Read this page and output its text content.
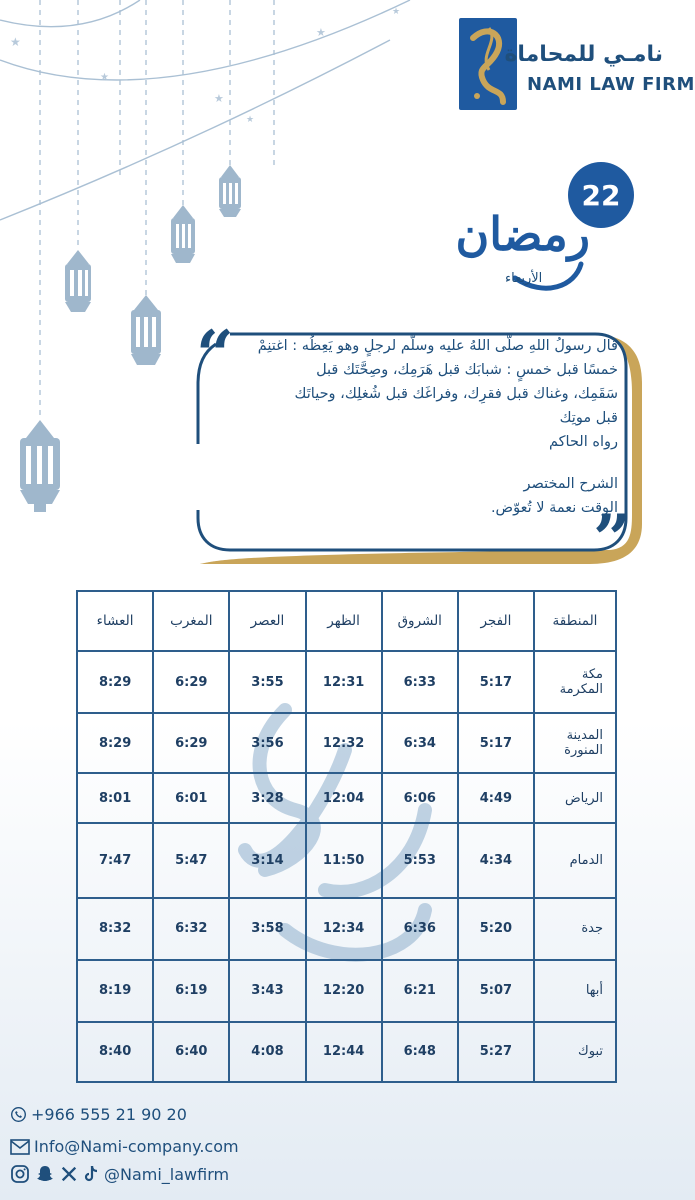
★
★
★
★
★
★
نامـي للمحاماة
NAMI LAW FIRM
22
رمضان
الأربعاء
“
”

قال رسولُ اللهِ صلَّى اللهُ عليه وسلَّم لرجلٍ وهو يَعِظُه : اغتنِمْ

خمسًا قبل خمسٍ : شبابَك قبل هَرَمِك، وصِحَّتَك قبل

سَقَمِك، وغناك قبل فقرِك، وفراغَك قبل شُغلِك، وحياتَك

قبل موتِك

رواه الحاكم

الشرح المختصر

الوقت نعمة لا تُعوّض.

المنطقة	الفجر	الشروق	الظهر	العصر	المغرب	العشاء
مكة المكرمة	5:17	6:33	12:31	3:55	6:29	8:29
المدينة المنورة	5:17	6:34	12:32	3:56	6:29	8:29
الرياض	4:49	6:06	12:04	3:28	6:01	8:01
الدمام	4:34	5:53	11:50	3:14	5:47	7:47
جدة	5:20	6:36	12:34	3:58	6:32	8:32
أبها	5:07	6:21	12:20	3:43	6:19	8:19
تبوك	5:27	6:48	12:44	4:08	6:40	8:40
+966 555 21 90 20
Info@Nami-company.com
@Nami_lawfirm
